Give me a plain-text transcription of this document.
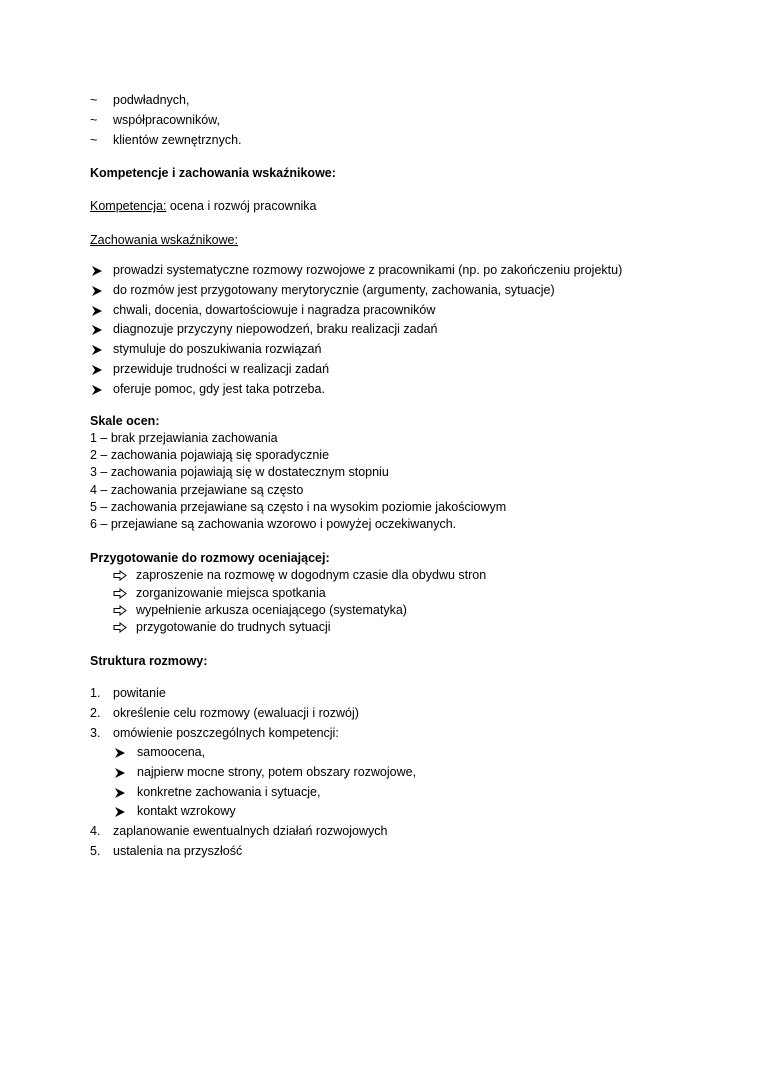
~ podwładnych,
~ współpracowników,
~ klientów zewnętrznych.
Kompetencje i zachowania wskaźnikowe:
Kompetencja: ocena i rozwój pracownika
Zachowania wskaźnikowe:
prowadzi systematyczne rozmowy rozwojowe z pracownikami (np. po zakończeniu projektu)
do rozmów jest przygotowany merytorycznie (argumenty, zachowania, sytuacje)
chwali, docenia, dowartościowuje i nagradza pracowników
diagnozuje przyczyny niepowodzeń, braku realizacji zadań
stymuluje do poszukiwania rozwiązań
przewiduje trudności w realizacji zadań
oferuje pomoc, gdy jest taka potrzeba.
Skale ocen:
1 – brak przejawiania zachowania
2 – zachowania pojawiają się sporadycznie
3 – zachowania pojawiają się w dostatecznym stopniu
4 – zachowania przejawiane są często
5 – zachowania przejawiane są często i na wysokim poziomie jakościowym
6 – przejawiane są zachowania wzorowo i powyżej oczekiwanych.
Przygotowanie do rozmowy oceniającej:
zaproszenie na rozmowę w dogodnym czasie dla obydwu stron
zorganizowanie miejsca spotkania
wypełnienie arkusza oceniającego (systematyka)
przygotowanie do trudnych sytuacji
Struktura rozmowy:
1. powitanie
2. określenie celu rozmowy (ewaluacji i rozwój)
3. omówienie poszczególnych kompetencji:
samoocena,
najpierw mocne strony, potem obszary rozwojowe,
konkretne zachowania i sytuacje,
kontakt wzrokowy
4. zaplanowanie ewentualnych działań rozwojowych
5. ustalenia na przyszłość
